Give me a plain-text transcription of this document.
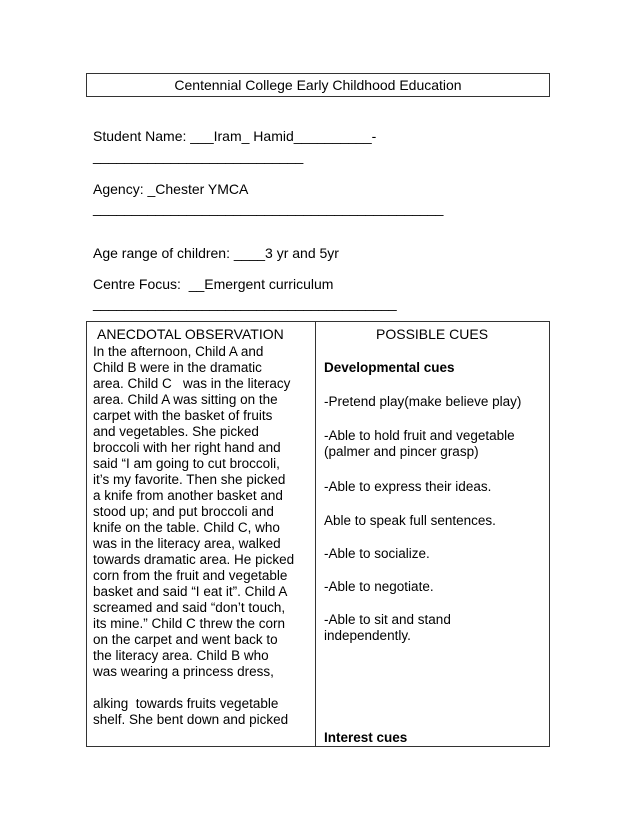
Centennial College Early Childhood Education
Student Name: ___Iram_ Hamid__________-
___________________________
Agency: _Chester YMCA
_____________________________________________
Age range of children: ____3 yr and 5yr
Centre Focus:  __Emergent curriculum
_______________________________________
ANECDOTAL OBSERVATION
In the afternoon, Child A and
Child B were in the dramatic
area. Child C   was in the literacy
area. Child A was sitting on the
carpet with the basket of fruits
and vegetables. She picked
broccoli with her right hand and
said “I am going to cut broccoli,
it’s my favorite. Then she picked
a knife from another basket and
stood up; and put broccoli and
knife on the table. Child C, who
was in the literacy area, walked
towards dramatic area. He picked
corn from the fruit and vegetable
basket and said “I eat it”. Child A
screamed and said “don’t touch,
its mine.” Child C threw the corn
on the carpet and went back to
the literacy area. Child B who
was wearing a princess dress,
alking  towards fruits vegetable
shelf. She bent down and picked
POSSIBLE CUES
Developmental cues
-Pretend play(make believe play)
-Able to hold fruit and vegetable
(palmer and pincer grasp)
-Able to express their ideas.
Able to speak full sentences.
-Able to socialize.
-Able to negotiate.
-Able to sit and stand
independently.
Interest cues
